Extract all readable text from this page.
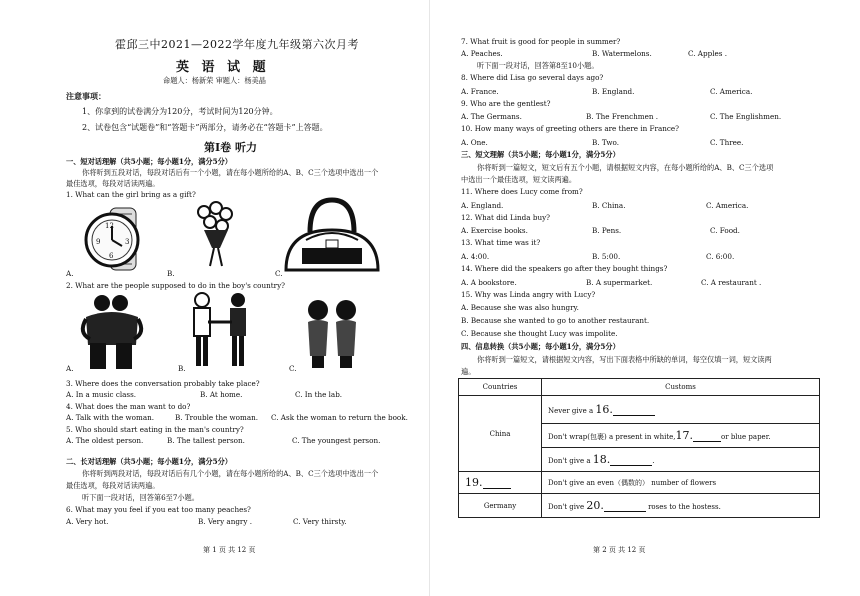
霍邱三中2021—2022学年度九年级第六次月考
英 语 试 题
命题人：杨新荣 审题人：杨美晶
注意事项：
1、你拿到的试卷满分为120分，考试时间为120分钟。
2、试卷包含“试题卷”和“答题卡”两部分，请务必在“答题卡”上答题。
第Ⅰ卷 听力
一、短对话理解（共5小题；每小题1分，满分5分）
你将听到五段对话，每段对话后有一个小题，请在每小题所给的A、B、C三个选项中选出一个
最佳选项，每段对话读两遍。
1. What can the girl bring as a gift?
12
9	3
6
A.	B.	C.
2. What are the people supposed to do in the boy's country?
A.	B.	C.
3. Where does the conversation probably take place?
A. In a music class.	B. At home.	C. In the lab.
4. What does the man want to do?
A. Talk with the woman.	B. Trouble the woman. C. Ask the woman to return the book.
5. Who should start eating in the man's country?
A. The oldest person.	B. The tallest person.	C. The youngest person.
二、长对话理解（共5小题；每小题1分，满分5分）
你将听到两段对话，每段对话后有几个小题，请在每小题所给的A、B、C三个选项中选出一个
最佳选项，每段对话读两遍。
听下面一段对话，回答第6至7小题。
6. What may you feel if you eat too many peaches?
A. Very hot.	B. Very angry .	C. Very thirsty.
第 1 页 共 12 页
7. What fruit is good for people in summer?
A. Peaches.	B. Watermelons.	C. Apples .
听下面一段对话，回答第8至10小题。
8. Where did Lisa go several days ago?
A. France.	B. England.	C. America.
9. Who are the gentlest?
A. The Germans.	B. The Frenchmen .	C. The Englishmen.
10. How many ways of greeting others are there in France?
A. One.	B. Two.	C. Three.
三、短文理解（共5小题；每小题1分，满分5分）
你将听到一篇短文，短文后有五个小题，请根据短文内容，在每小题所给的A、B、C三个选项
中选出一个最佳选项，短文读两遍。
11. Where does Lucy come from?
A. England.	B. China.	C. America.
12. What did Linda buy?
A. Exercise books.	B. Pens.	C. Food.
13. What time was it?
A. 4:00.	B. 5:00.	C. 6:00.
14. Where did the speakers go after they bought things?
A. A bookstore.	B. A supermarket.	C. A restaurant .
15. Why was Linda angry with Lucy?
A. Because she was also hungry.
B. Because she wanted to go to another restaurant.
C. Because she thought Lucy was impolite.
四、信息转换（共5小题；每小题1分，满分5分）
你将听到一篇短文，请根据短文内容，写出下面表格中所缺的单词，每空仅填一词，短文读两
遍。
Countries	Customs
China	Never give a 16.
	Don't wrap(包裹) a present in white,17. or blue paper.
	Don't give a 18. .
19.	Don't give an even（偶数的） number of flowers
Germany	Don't give 20. roses to the hostess.
第 2 页 共 12 页
